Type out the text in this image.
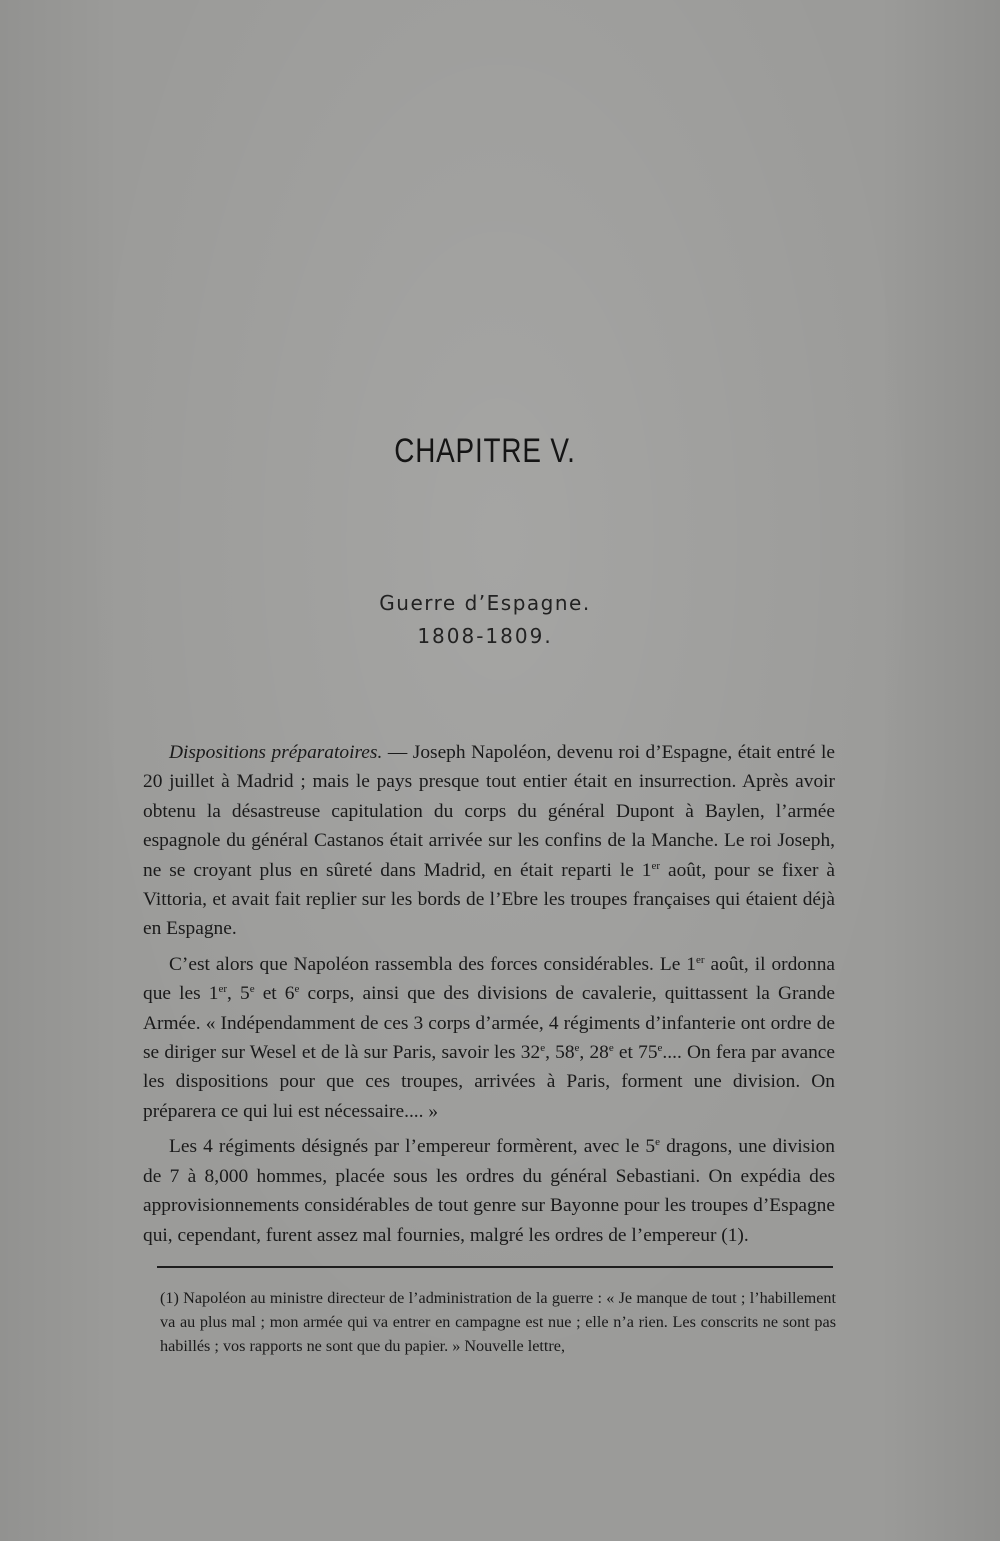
CHAPITRE V.
Guerre d’Espagne.
1808-1809.

Dispositions préparatoires. — Joseph Napoléon, devenu roi d’Espagne, était entré le 20 juillet à Madrid ; mais le pays presque tout entier était en insurrection. Après avoir obtenu la désastreuse capitulation du corps du général Dupont à Baylen, l’armée espagnole du général Castanos était arrivée sur les confins de la Manche. Le roi Joseph, ne se croyant plus en sûreté dans Madrid, en était reparti le 1er août, pour se fixer à Vittoria, et avait fait replier sur les bords de l’Ebre les troupes françaises qui étaient déjà en Espagne.

C’est alors que Napoléon rassembla des forces considérables. Le 1er août, il ordonna que les 1er, 5e et 6e corps, ainsi que des divisions de cavalerie, quittassent la Grande Armée. « Indépendamment de ces 3 corps d’armée, 4 régiments d’infanterie ont ordre de se diriger sur Wesel et de là sur Paris, savoir les 32e, 58e, 28e et 75e.... On fera par avance les dispositions pour que ces troupes, arrivées à Paris, forment une division. On préparera ce qui lui est nécessaire.... »

Les 4 régiments désignés par l’empereur formèrent, avec le 5e dragons, une division de 7 à 8,000 hommes, placée sous les ordres du général Sebastiani. On expédia des approvisionnements considérables de tout genre sur Bayonne pour les troupes d’Espagne qui, cependant, furent assez mal fournies, malgré les ordres de l’empereur (1).

(1) Napoléon au ministre directeur de l’administration de la guerre : « Je manque de tout ; l’habillement va au plus mal ; mon armée qui va entrer en campagne est nue ; elle n’a rien. Les conscrits ne sont pas habillés ; vos rapports ne sont que du papier. » Nouvelle lettre,
